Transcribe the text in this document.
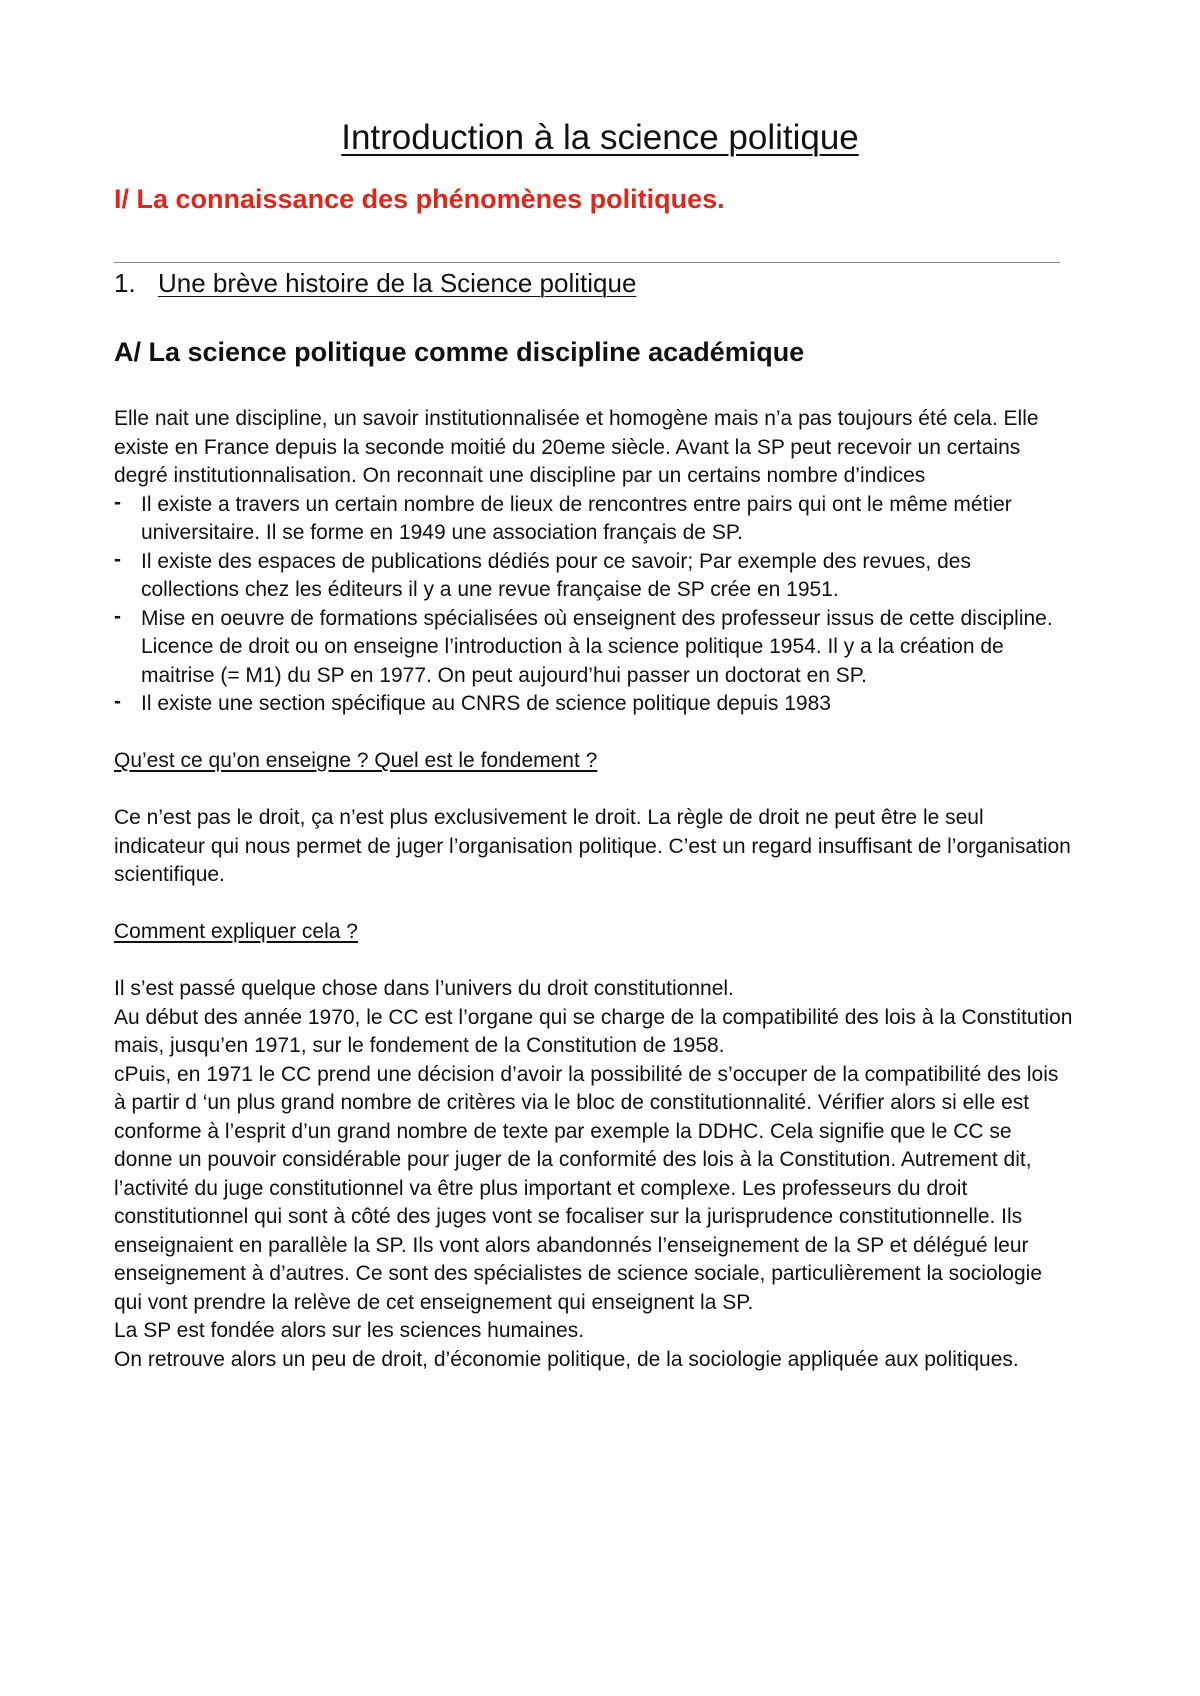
Introduction à la science politique
I/ La connaissance des phénomènes politiques.

1. Une brève histoire de la Science politique

A/ La science politique comme discipline académique

Elle nait une discipline, un savoir institutionnalisée et homogène mais n’a pas toujours été cela. Elle existe en France depuis la seconde moitié du 20eme siècle. Avant la SP peut recevoir un certains degré institutionnalisation. On reconnait une discipline par un certains nombre d’indices

- Il existe a travers un certain nombre de lieux de rencontres entre pairs qui ont le même métier universitaire. Il se forme en 1949 une association français de SP.
- Il existe des espaces de publications dédiés pour ce savoir; Par exemple des revues, des collections chez les éditeurs il y a une revue française de SP crée en 1951.
- Mise en oeuvre de formations spécialisées où enseignent des professeur issus de cette discipline. Licence de droit ou on enseigne l’introduction à la science politique 1954. Il y a la création de maitrise (= M1) du SP en 1977. On peut aujourd’hui passer un doctorat en SP.
- Il existe une section spécifique au CNRS de science politique depuis 1983

Qu’est ce qu’on enseigne ? Quel est le fondement ?

Ce n’est pas le droit, ça n’est plus exclusivement le droit. La règle de droit ne peut être le seul indicateur qui nous permet de juger l’organisation politique. C’est un regard insuffisant de l’organisation scientifique.

Comment expliquer cela ?

Il s’est passé quelque chose dans l’univers du droit constitutionnel.

Au début des année 1970, le CC est l’organe qui se charge de la compatibilité des lois à la Constitution mais, jusqu’en 1971, sur le fondement de la Constitution de 1958.

cPuis, en 1971 le CC prend une décision d’avoir la possibilité de s’occuper de la compatibilité des lois à partir d ‘un plus grand nombre de critères via le bloc de constitutionnalité. Vérifier alors si elle est conforme à l’esprit d’un grand nombre de texte par exemple la DDHC. Cela signifie que le CC se donne un pouvoir considérable pour juger de la conformité des lois à la Constitution. Autrement dit, l’activité du juge constitutionnel va être plus important et complexe. Les professeurs du droit constitutionnel qui sont à côté des juges vont se focaliser sur la jurisprudence constitutionnelle. Ils enseignaient en parallèle la SP. Ils vont alors abandonnés l’enseignement de la SP et délégué leur enseignement à d’autres. Ce sont des spécialistes de science sociale, particulièrement la sociologie qui vont prendre la relève de cet enseignement qui enseignent la SP.

La SP est fondée alors sur les sciences humaines.

On retrouve alors un peu de droit, d’économie politique, de la sociologie appliquée aux politiques.
